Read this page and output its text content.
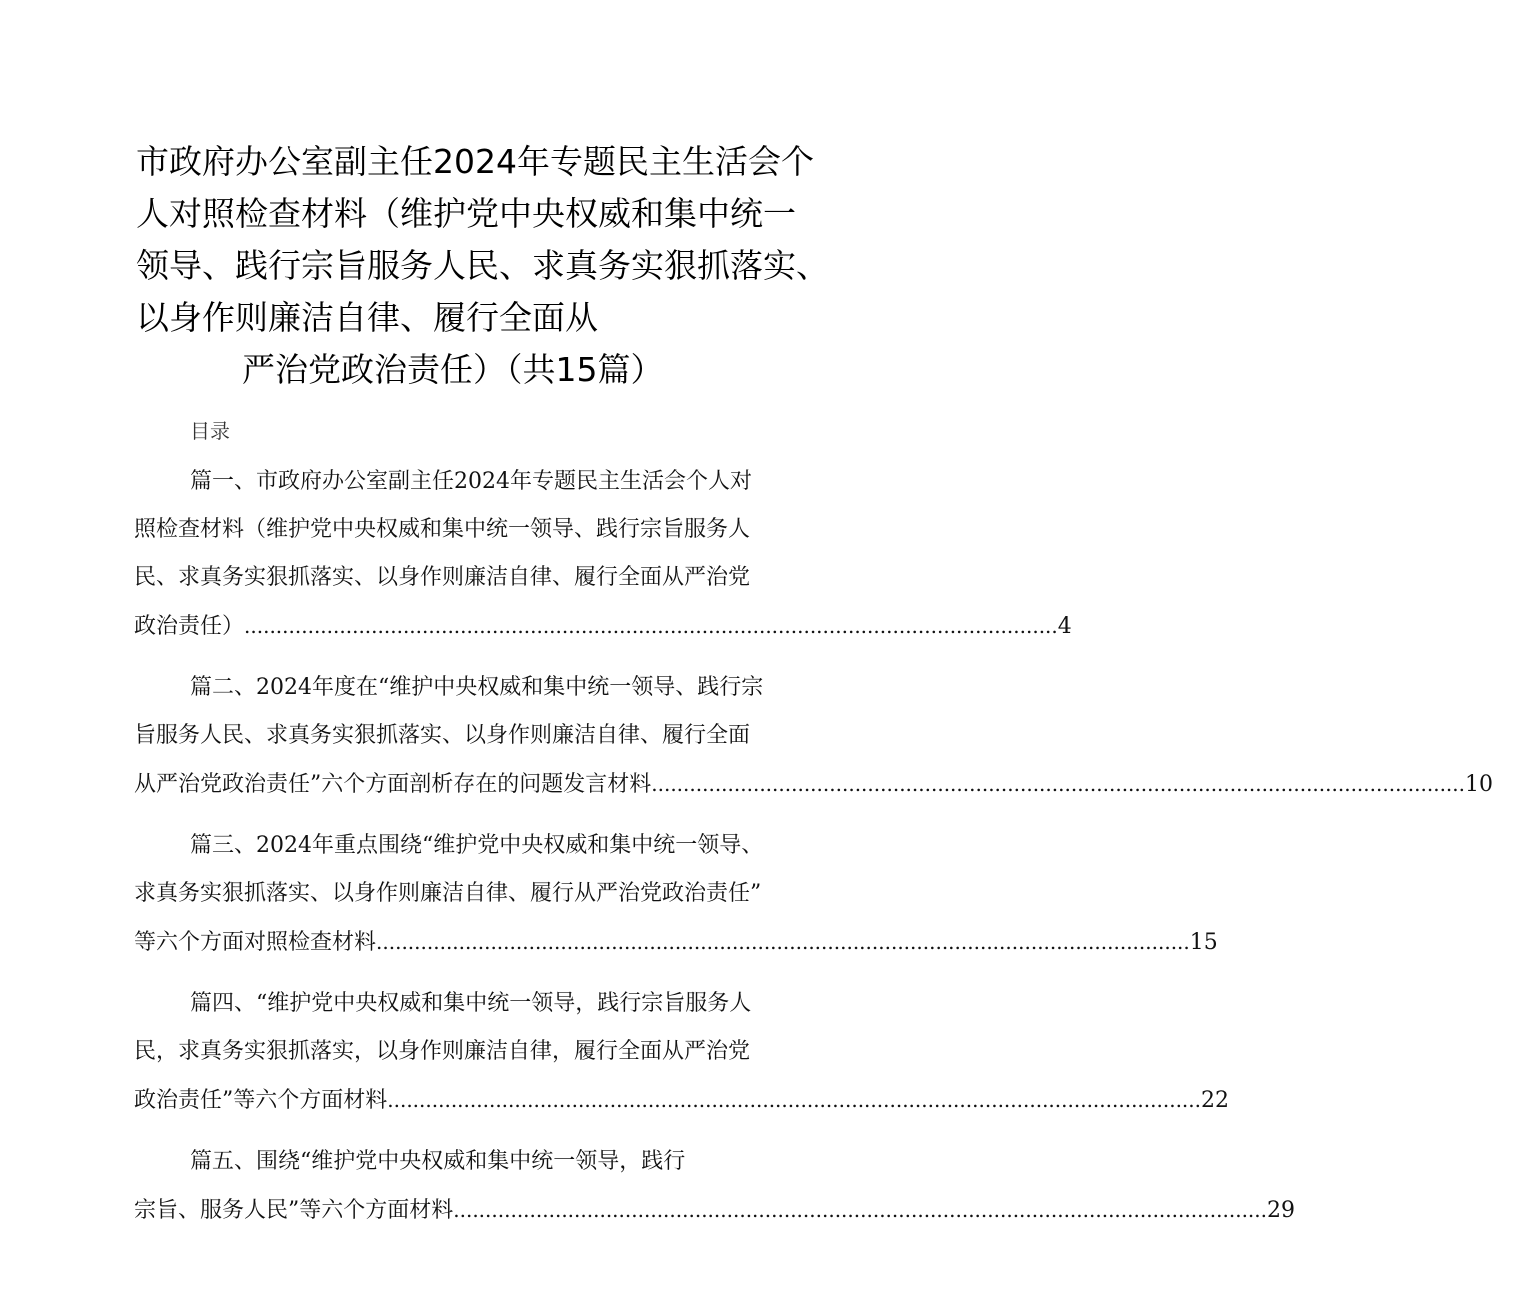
市政府办公室副主任2024年专题民主生活会个
人对照检查材料（维护党中央权威和集中统一
领导、践行宗旨服务人民、求真务实狠抓落实、
以身作则廉洁自律、履行全面从
严治党政治责任）（共15篇）
目录
篇一、市政府办公室副主任2024年专题民主生活会个人对
照检查材料（维护党中央权威和集中统一领导、践行宗旨服务人
民、求真务实狠抓落实、以身作则廉洁自律、履行全面从严治党
政治责任） ................................................................................................................................ 4
篇二、2024年度在“维护中央权威和集中统一领导、践行宗
旨服务人民、求真务实狠抓落实、以身作则廉洁自律、履行全面
从严治党政治责任”六个方面剖析存在的问题发言材料 ................................................................................................................................ 10
篇三、2024年重点围绕“维护党中央权威和集中统一领导、
求真务实狠抓落实、以身作则廉洁自律、履行从严治党政治责任”
等六个方面对照检查材料 ................................................................................................................................ 15
篇四、“维护党中央权威和集中统一领导，践行宗旨服务人
民，求真务实狠抓落实，以身作则廉洁自律，履行全面从严治党
政治责任”等六个方面材料 ................................................................................................................................ 22
篇五、围绕“维护党中央权威和集中统一领导，践行
宗旨、服务人民”等六个方面材料 ................................................................................................................................ 29
